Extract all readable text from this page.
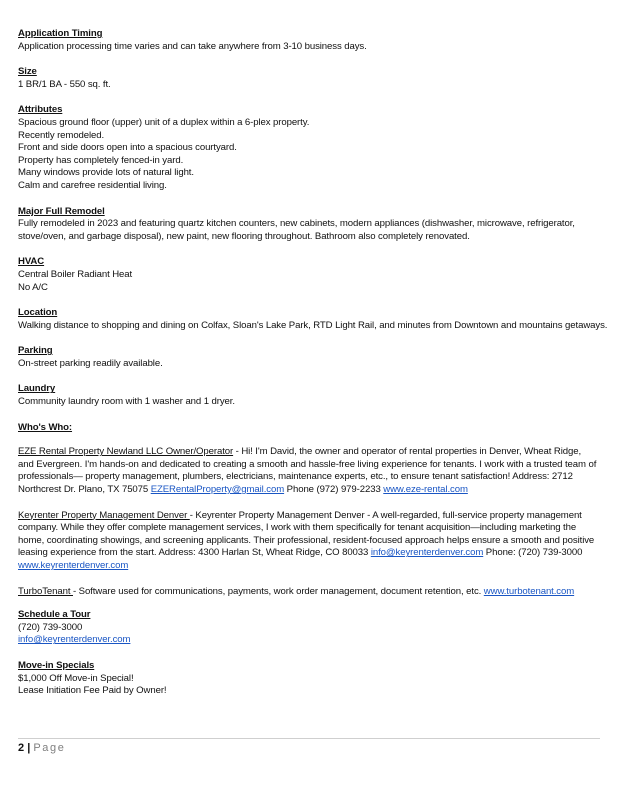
Application Timing
Application processing time varies and can take anywhere from 3-10 business days.
Size
1 BR/1 BA - 550 sq. ft.
Attributes
Spacious ground floor (upper) unit of a duplex within a 6-plex property.
Recently remodeled.
Front and side doors open into a spacious courtyard.
Property has completely fenced-in yard.
Many windows provide lots of natural light.
Calm and carefree residential living.
Major Full Remodel
Fully remodeled in 2023 and featuring quartz kitchen counters, new cabinets, modern appliances (dishwasher, microwave, refrigerator,
stove/oven, and garbage disposal), new paint, new flooring throughout. Bathroom also completely renovated.
HVAC
Central Boiler Radiant Heat
No A/C
Location
Walking distance to shopping and dining on Colfax, Sloan's Lake Park, RTD Light Rail, and minutes from Downtown and mountains getaways.
Parking
On-street parking readily available.
Laundry
Community laundry room with 1 washer and 1 dryer.
Who's Who:
EZE Rental Property Newland LLC Owner/Operator - Hi! I'm David, the owner and operator of rental properties in Denver, Wheat Ridge, and Evergreen. I'm hands-on and dedicated to creating a smooth and hassle-free living experience for tenants. I work with a trusted team of professionals— property management, plumbers, electricians, maintenance experts, etc., to ensure tenant satisfaction! Address: 2712 Northcrest Dr. Plano, TX 75075 EZERentalProperty@gmail.com Phone (972) 979-2233 www.eze-rental.com
Keyrenter Property Management Denver - Keyrenter Property Management Denver - A well-regarded, full-service property management company. While they offer complete management services, I work with them specifically for tenant acquisition—including marketing the home, coordinating showings, and screening applicants. Their professional, resident-focused approach helps ensure a smooth and positive leasing experience from the start. Address: 4300 Harlan St, Wheat Ridge, CO 80033 info@keyrenterdenver.com Phone: (720) 739-3000 www.keyrenterdenver.com
TurboTenant - Software used for communications, payments, work order management, document retention, etc. www.turbotenant.com
Schedule a Tour
(720) 739-3000
info@keyrenterdenver.com
Move-in Specials
$1,000 Off Move-in Special!
Lease Initiation Fee Paid by Owner!
2 | Page
